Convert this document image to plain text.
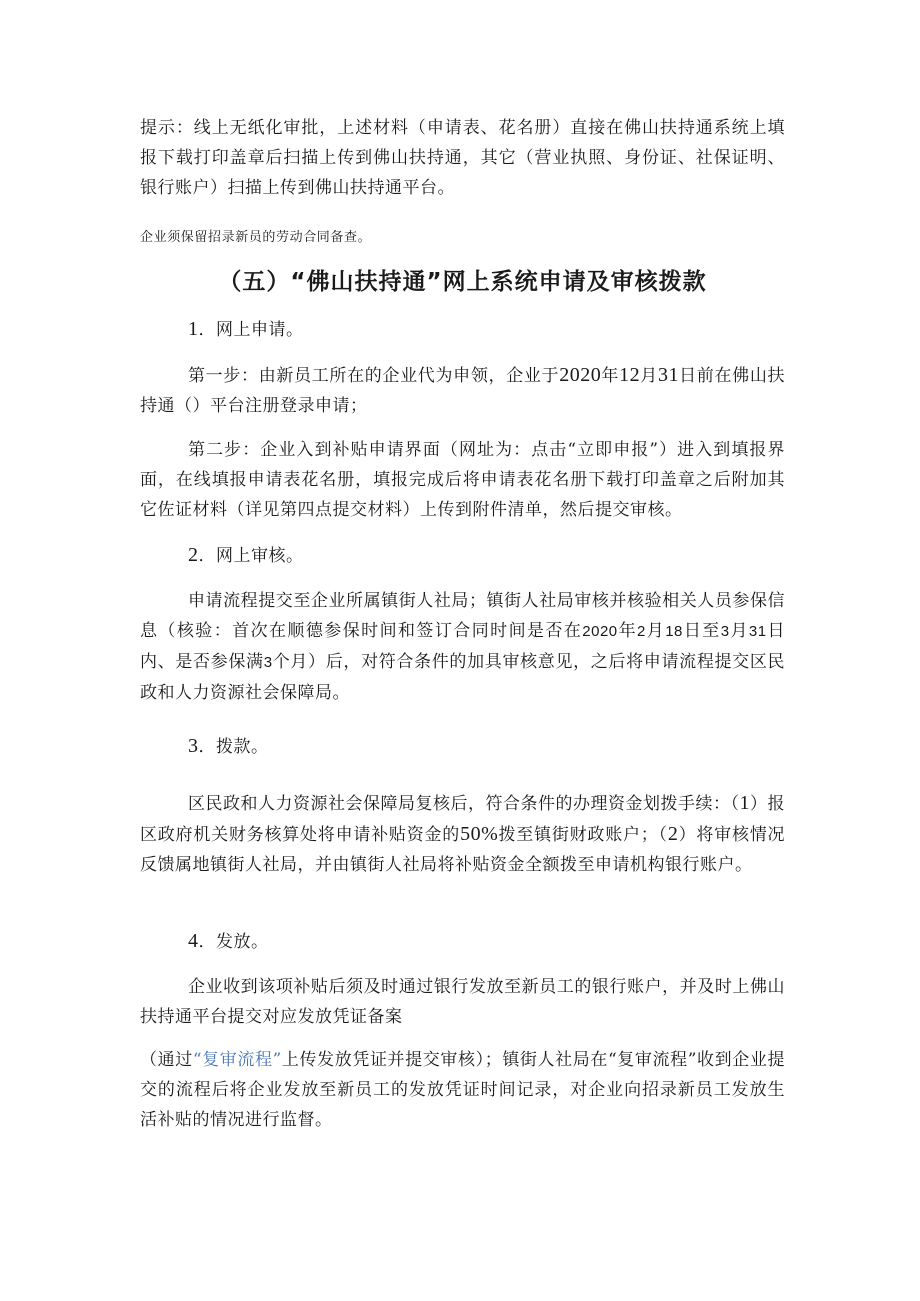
提示：线上无纸化审批，上述材料（申请表、花名册）直接在佛山扶持通系统上填报下载打印盖章后扫描上传到佛山扶持通，其它（营业执照、身份证、社保证明、银行账户）扫描上传到佛山扶持通平台。

企业须保留招录新员的劳动合同备查。

（五）“佛山扶持通”网上系统申请及审核拨款

1．网上申请。

第一步：由新员工所在的企业代为申领，企业于2020年12月31日前在佛山扶持通（）平台注册登录申请；

第二步：企业入到补贴申请界面（网址为：点击“立即申报”）进入到填报界面，在线填报申请表花名册，填报完成后将申请表花名册下载打印盖章之后附加其它佐证材料（详见第四点提交材料）上传到附件清单，然后提交审核。

2．网上审核。

申请流程提交至企业所属镇街人社局；镇街人社局审核并核验相关人员参保信息（核验：首次在顺德参保时间和签订合同时间是否在2020年2月18日至3月31日内、是否参保满3个月）后，对符合条件的加具审核意见，之后将申请流程提交区民政和人力资源社会保障局。

3．拨款。

区民政和人力资源社会保障局复核后，符合条件的办理资金划拨手续：（1）报区政府机关财务核算处将申请补贴资金的50%拨至镇街财政账户；（2）将审核情况反馈属地镇街人社局，并由镇街人社局将补贴资金全额拨至申请机构银行账户。

4．发放。

企业收到该项补贴后须及时通过银行发放至新员工的银行账户，并及时上佛山扶持通平台提交对应发放凭证备案

（通过“复审流程”上传发放凭证并提交审核）；镇街人社局在“复审流程”收到企业提交的流程后将企业发放至新员工的发放凭证时间记录，对企业向招录新员工发放生活补贴的情况进行监督。
